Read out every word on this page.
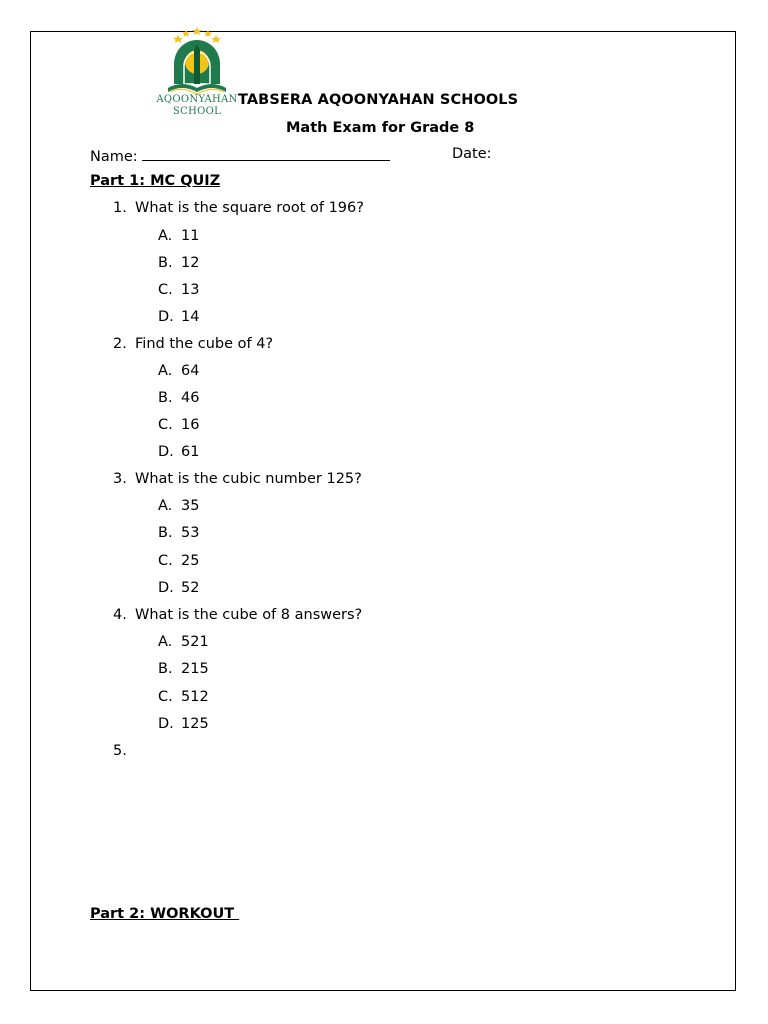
AQOONYAHAN
SCHOOL
TABSERA AQOONYAHAN SCHOOLS
Math Exam for Grade 8
Name:	Date:
Part 1: MC QUIZ
1. What is the square root of 196?
A. 11
B. 12
C. 13
D. 14
2. Find the cube of 4?
A. 64
B. 46
C. 16
D. 61
3. What is the cubic number 125?
A. 35
B. 53
C. 25
D. 52
4. What is the cube of 8 answers?
A. 521
B. 215
C. 512
D. 125
5.
Part 2: WORKOUT
